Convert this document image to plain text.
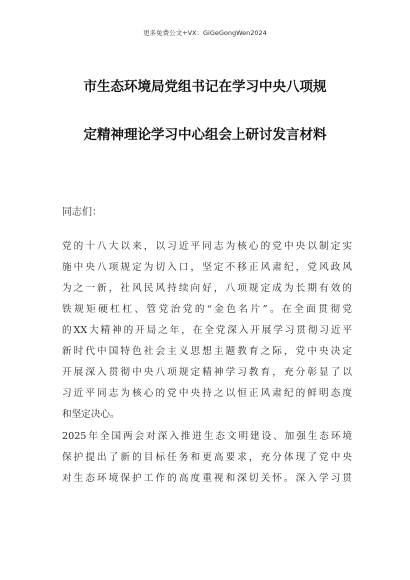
更多免费公文+VX：GiGeGongWen2024
市生态环境局党组书记在学习中央八项规
定精神理论学习中心组会上研讨发言材料
同志们：
党的十八大以来，以习近平同志为核心的党中央以制定实
施中央八项规定为切入口，坚定不移正风肃纪，党风政风
为之一新，社风民风持续向好，八项规定成为长期有效的
铁规矩硬杠杠、管党治党的“金色名片”。在全面贯彻党
的XX大精神的开局之年，在全党深入开展学习贯彻习近平
新时代中国特色社会主义思想主题教育之际，党中央决定
开展深入贯彻中央八项规定精神学习教育，充分彰显了以
习近平同志为核心的党中央持之以恒正风肃纪的鲜明态度
和坚定决心。
2025年全国两会对深入推进生态文明建设、加强生态环境
保护提出了新的目标任务和更高要求，充分体现了党中央
对生态环境保护工作的高度重视和深切关怀。深入学习贯
